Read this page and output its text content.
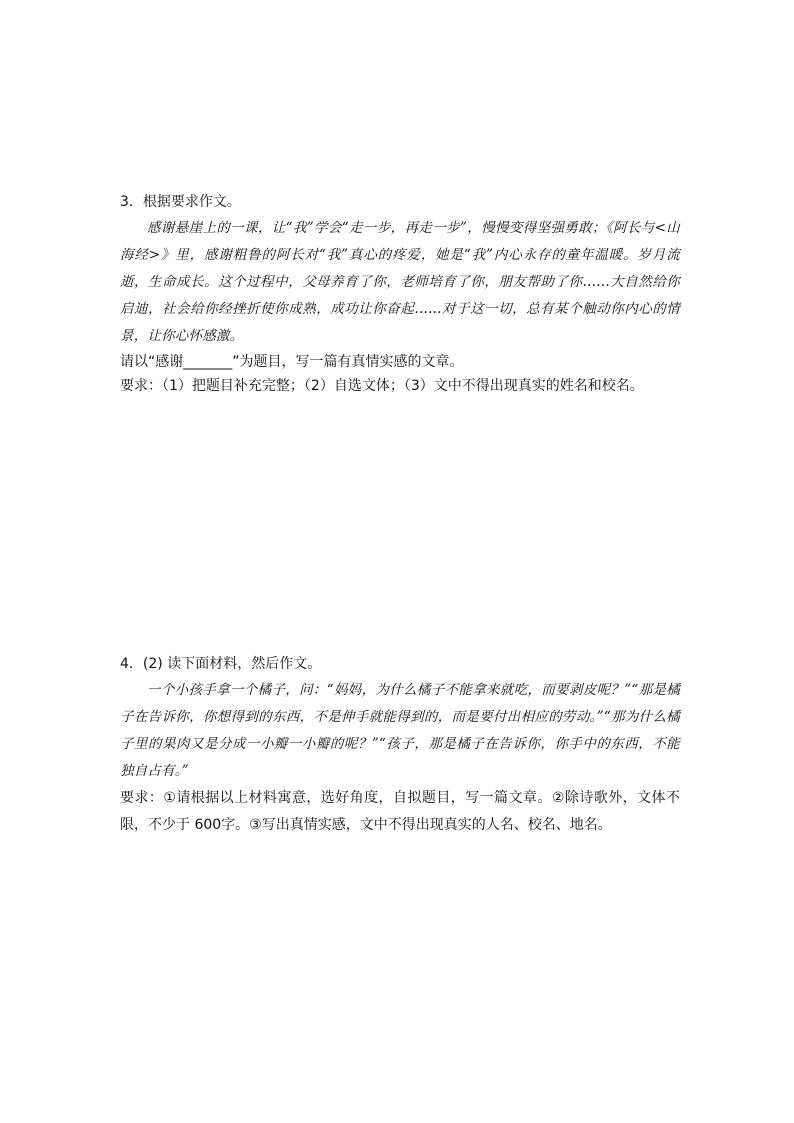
3．根据要求作文。
感谢悬崖上的一课，让“我”学会“走一步，再走一步”，慢慢变得坚强勇敢；《阿长与<山海经>》里，感谢粗鲁的阿长对“我”真心的疼爱，她是“我”内心永存的童年温暖。岁月流逝，生命成长。这个过程中，父母养育了你，老师培育了你，朋友帮助了你……大自然给你启迪，社会给你经挫折使你成熟，成功让你奋起……对于这一切，总有某个触动你内心的情景，让你心怀感激。
请以“感谢_______”为题目，写一篇有真情实感的文章。
要求：（1）把题目补充完整；（2）自选文体；（3）文中不得出现真实的姓名和校名。
4．(2) 读下面材料，然后作文。
一个小孩手拿一个橘子，问：“妈妈，为什么橘子不能拿来就吃，而要剥皮呢？”“那是橘子在告诉你，你想得到的东西，不是伸手就能得到的，而是要付出相应的劳动。”“那为什么橘子里的果肉又是分成一小瓣一小瓣的呢？”“孩子，那是橘子在告诉你，你手中的东西，不能独自占有。”
要求：①请根据以上材料寓意，选好角度，自拟题目，写一篇文章。②除诗歌外，文体不限，不少于 600字。③写出真情实感，文中不得出现真实的人名、校名、地名。
